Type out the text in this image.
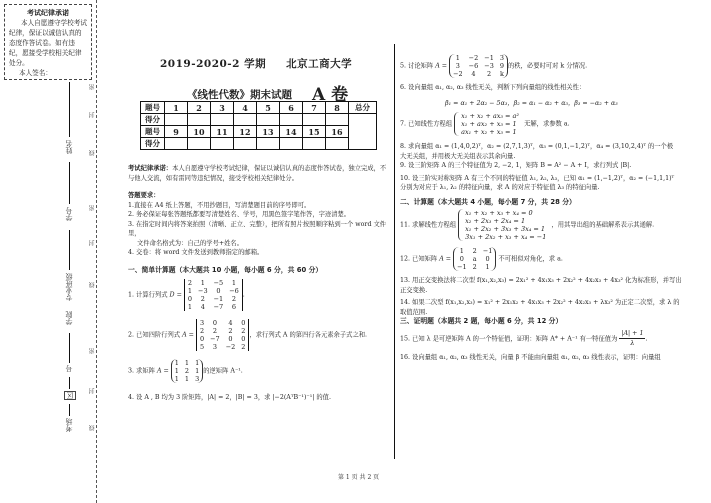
考试纪律承诺
本人自愿遵守学校考试纪律，保证以诚信认真的态度作答试卷。如有违纪，愿接受学校相关纪律处分。
本人签名：
姓名
学号
专业班级
学院
号
区
考场
密
封
线
密
封
线
密
封
线
2019-2020-2 学期 北京工商大学
《线性代数》期末试题 A 卷
题号	1	2	3	4	5	6	7	8	总分
得分									
题号	9	10	11	12	13	14	15	16	
得分									
考试纪律承诺：本人自愿遵守学校考试纪律，保证以诚信认真的态度作答试卷，独立完成，不与他人交流，如有雷同等违纪情况，接受学校相关纪律处分。
答题要求：
1.直接在 A4 纸上答题，不用抄题目，写清楚题目前的序号即可。
2. 务必保证每张答题纸都要写清楚姓名、学号，用黑色签字笔作答，字迹清楚。
3. 在指定时间内将答案拍照（清晰、正立、完整），把所有照片按照顺序粘到一个 word 文件里，
文件命名格式为：自己的学号+姓名。
4. 交卷：将 word 文件发送到教师指定的邮箱。
一、简单计算题（本大题共 10 小题，每小题 6 分，共 60 分）
1. 计算行列式 D =
2	1	−5	1
1	−3	0	−6
0	2	−1	2
1	4	−7	6
.
2. 已知四阶行列式 A =
3	0	4	0
2	2	2	2
0	−7	0	0
5	3	−2	2
，求行列式 A 的第四行各元素余子式之和.
3. 求矩阵 A =
1	1	1
1	2	1
1	1	3
的逆矩阵 A⁻¹.
4. 设 A , B 均为 3 阶矩阵，|A| = 2，|B| = 3，求 |−2(AᵀB⁻¹)⁻¹| 的值.
5. 讨论矩阵 A =
1	−2	−1	3
3	−6	−3	9
−2	4	2	k
的秩，必要时可对 k 分情况.
6. 设向量组 α₁, α₂, α₃ 线性无关，判断下列向量组的线性相关性：
β₁ = α₁ + 2α₂ − 5α₃，β₂ = α₁ − α₂ + α₃，β₃ = −α₂ + α₃
7. 已知线性方程组
x₁ + x₂ + ax₃ = a²
x₁ + ax₂ + x₃ = 1
ax₁ + x₂ + x₃ = 1
无解，求参数 a.
8. 求向量组 α₁ = (1,4,0,2)ᵀ，α₂ = (2,7,1,3)ᵀ，α₃ = (0,1,−1,2)ᵀ，α₄ = (3,10,2,4)ᵀ 的一个极
大无关组，并用极大无关组表示其余向量.
9. 设三阶矩阵 A 的三个特征值为 2, −2, 1，矩阵 B = A² − A + I，求行列式 |B|.
10. 设三阶实对称矩阵 A 有三个不同的特征值 λ₁, λ₂, λ₃，已知 α₁ = (1,−1,2)ᵀ，α₂ = (−1,1,1)ᵀ
分别为对应于 λ₁, λ₂ 的特征向量，求 A 的对应于特征值 λ₃ 的特征向量.
二、计算题（本大题共 4 小题，每小题 7 分，共 28 分）
11. 求解线性方程组
x₁ + x₂ + x₃ + x₄ = 0
x₂ + 2x₃ + 2x₄ = 1
x₁ + 2x₂ + 3x₃ + 3x₄ = 1
3x₁ + 2x₂ + x₃ + x₄ = −1
，用其导出组的基础解系表示其通解.
12. 已知矩阵 A =
1	2	−1
0	a	0
−1	2	1
不可相似对角化，求 a.
13. 用正交变换法将二次型 f(x₁,x₂,x₃) = 2x₁² + 4x₁x₃ + 2x₂² + 4x₂x₃ + 4x₃² 化为标准形，并写出
正交变换.
14. 如果二次型 f(x₁,x₂,x₃) = x₁² + 2x₁x₂ + 4x₁x₃ + 2x₂² + 4x₂x₃ + λx₃² 为正定二次型，求 λ 的
取值范围.
三、证明题（本题共 2 题，每小题 6 分，共 12 分）
15. 已知 λ 是可逆矩阵 A 的一个特征值，证明：矩阵 A* + A⁻¹ 有一特征值为 $\frac{|A| + 1}{\lambda}$ .
16. 设向量组 α₁, α₂, α₃ 线性无关，向量 β 不能由向量组 α₁, α₂, α₃ 线性表示，证明：向量组
第 1 页 共 2 页
